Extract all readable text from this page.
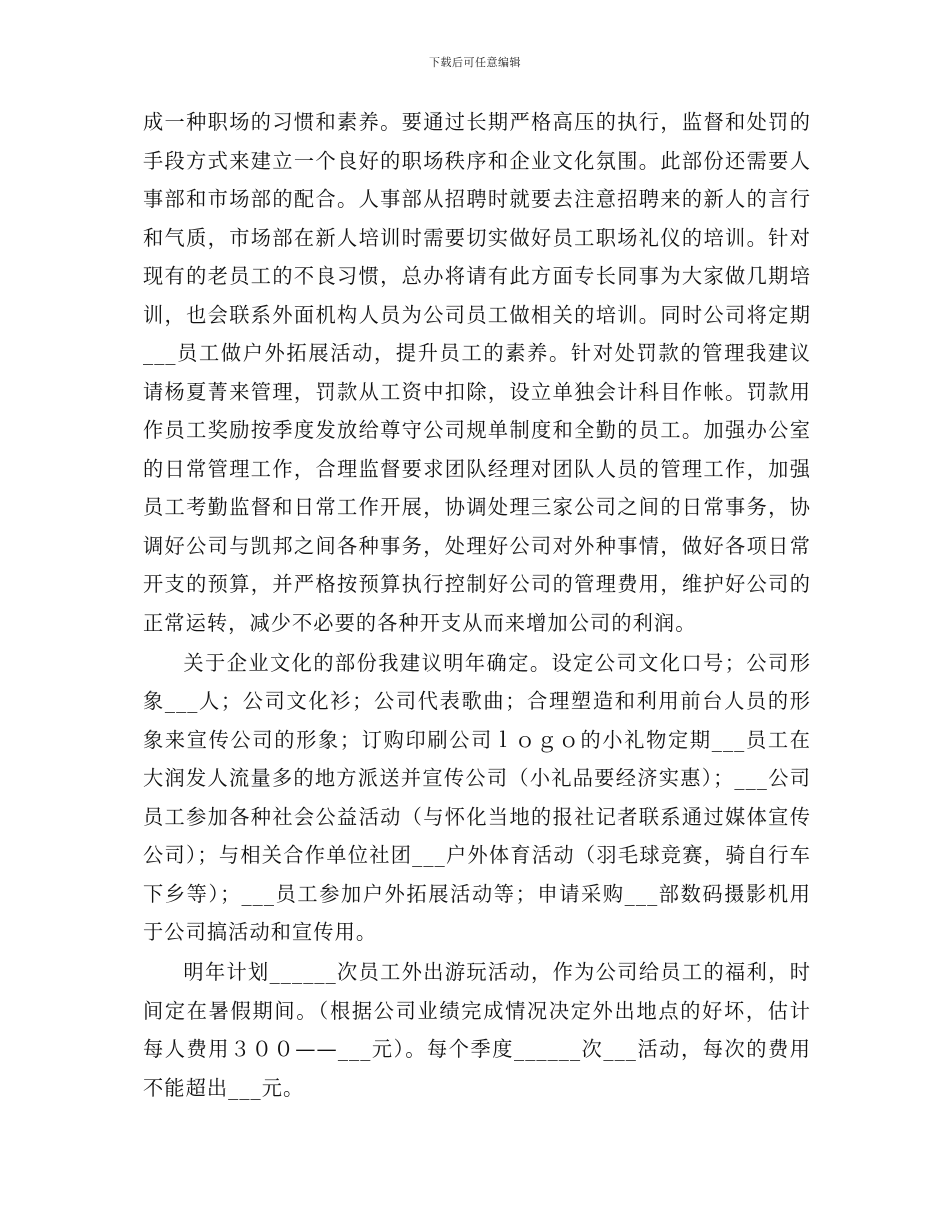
下载后可任意编辑

成一种职场的习惯和素养。要通过长期严格高压的执行，监督和处罚的手段方式来建立一个良好的职场秩序和企业文化氛围。此部份还需要人事部和市场部的配合。人事部从招聘时就要去注意招聘来的新人的言行和气质，市场部在新人培训时需要切实做好员工职场礼仪的培训。针对现有的老员工的不良习惯，总办将请有此方面专长同事为大家做几期培训，也会联系外面机构人员为公司员工做相关的培训。同时公司将定期___员工做户外拓展活动，提升员工的素养。针对处罚款的管理我建议请杨夏菁来管理，罚款从工资中扣除，设立单独会计科目作帐。罚款用作员工奖励按季度发放给尊守公司规单制度和全勤的员工。加强办公室的日常管理工作，合理监督要求团队经理对团队人员的管理工作，加强员工考勤监督和日常工作开展，协调处理三家公司之间的日常事务，协调好公司与凯邦之间各种事务，处理好公司对外种事情，做好各项日常开支的预算，并严格按预算执行控制好公司的管理费用，维护好公司的正常运转，减少不必要的各种开支从而来增加公司的利润。

关于企业文化的部份我建议明年确定。设定公司文化口号；公司形象___人；公司文化衫；公司代表歌曲；合理塑造和利用前台人员的形象来宣传公司的形象；订购印刷公司ｌｏｇｏ的小礼物定期___员工在大润发人流量多的地方派送并宣传公司（小礼品要经济实惠）；___公司员工参加各种社会公益活动（与怀化当地的报社记者联系通过媒体宣传公司）；与相关合作单位社团___户外体育活动（羽毛球竞赛，骑自行车下乡等）；___员工参加户外拓展活动等；申请采购___部数码摄影机用于公司搞活动和宣传用。

明年计划______次员工外出游玩活动，作为公司给员工的福利，时间定在暑假期间。（根据公司业绩完成情况决定外出地点的好坏，估计每人费用３００——___元）。每个季度______次___活动，每次的费用不能超出___元。
